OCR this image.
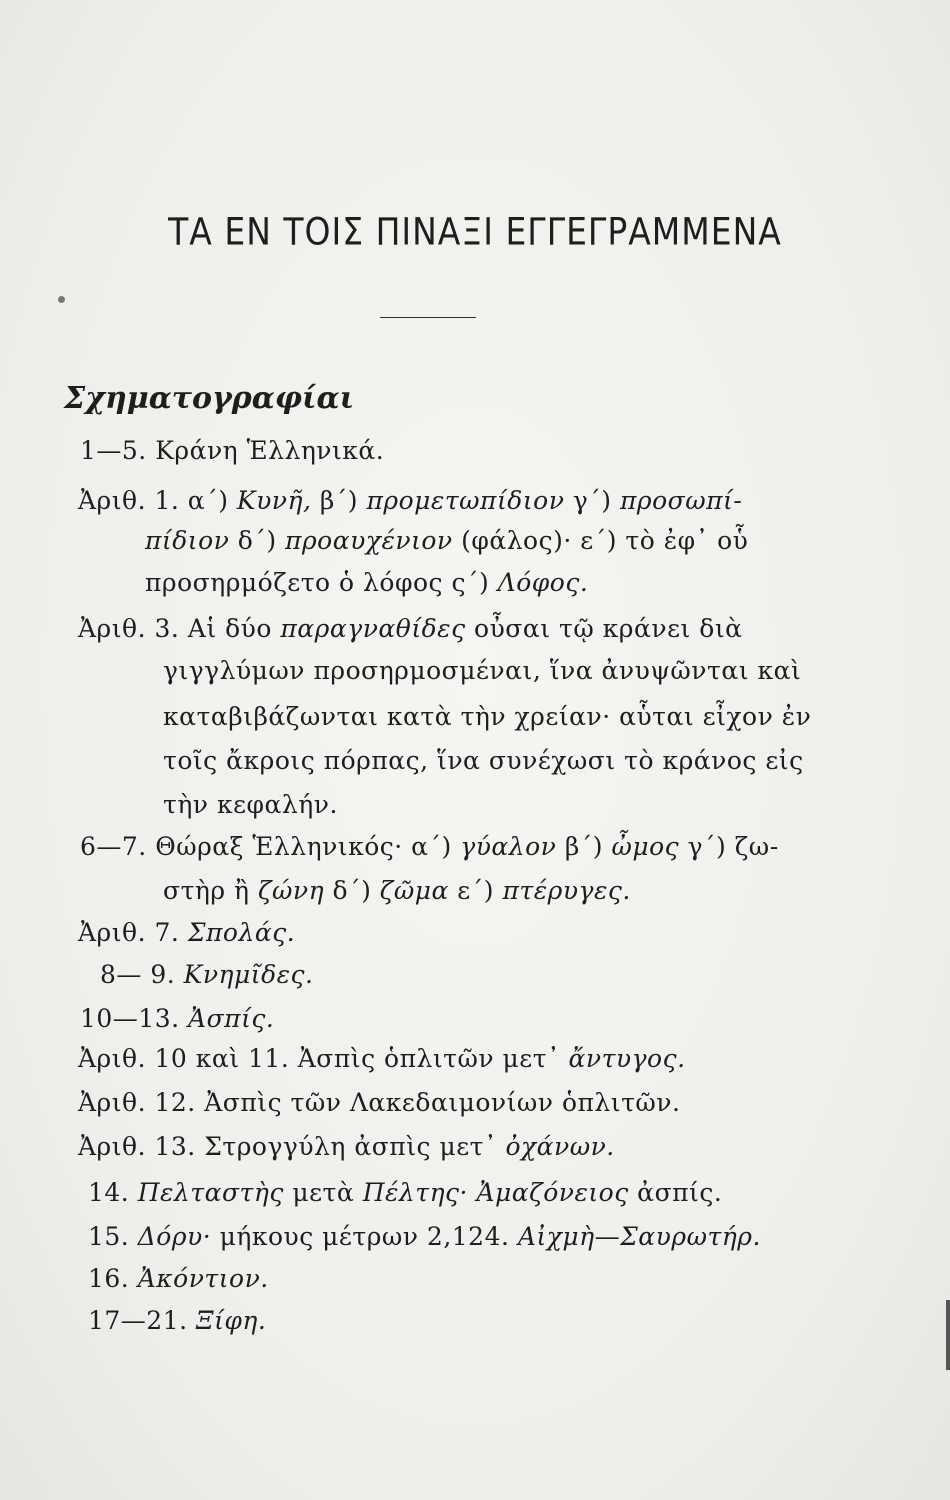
ΤΑ ΕΝ ΤΟΙΣ ΠΙΝΑΞΙ ΕΓΓΕΓΡΑΜΜΕΝΑ
Σχηματογραφίαι
1—5. Κράνη Ἑλληνικά.
Ἀριθ. 1. α΄) Κυνῆ, β΄) προμετωπίδιον γ΄) προσωπί-
πίδιον δ΄) προαυχένιον (φάλος)· ε΄) τὸ ἐφ᾽ οὗ
προσηρμόζετο ὁ λόφος ς΄) Λόφος.
Ἀριθ. 3. Αἱ δύο παραγναθίδες οὖσαι τῷ κράνει διὰ
γιγγλύμων προσηρμοσμέναι, ἵνα ἀνυψῶνται καὶ
καταβιβάζωνται κατὰ τὴν χρείαν· αὗται εἶχον ἐν
τοῖς ἄκροις πόρπας, ἵνα συνέχωσι τὸ κράνος εἰς
τὴν κεφαλήν.
6—7. Θώραξ Ἑλληνικός· α΄) γύαλον β΄) ὦμος γ΄) ζω-
στὴρ ἢ ζώνη δ΄) ζῶμα ε΄) πτέρυγες.
Ἀριθ. 7. Σπολάς.
8— 9. Κνημῖδες.
10—13. Ἀσπίς.
Ἀριθ. 10 καὶ 11. Ἀσπὶς ὁπλιτῶν μετ᾽ ἄντυγος.
Ἀριθ. 12. Ἀσπὶς τῶν Λακεδαιμονίων ὁπλιτῶν.
Ἀριθ. 13. Στρογγύλη ἀσπὶς μετ᾽ ὀχάνων.
14. Πελταστὴς μετὰ Πέλτης· Ἀμαζόνειος ἀσπίς.
15. Δόρυ· μήκους μέτρων 2,124. Αἰχμὴ—Σαυρωτήρ.
16. Ἀκόντιον.
17—21. Ξίφη.
